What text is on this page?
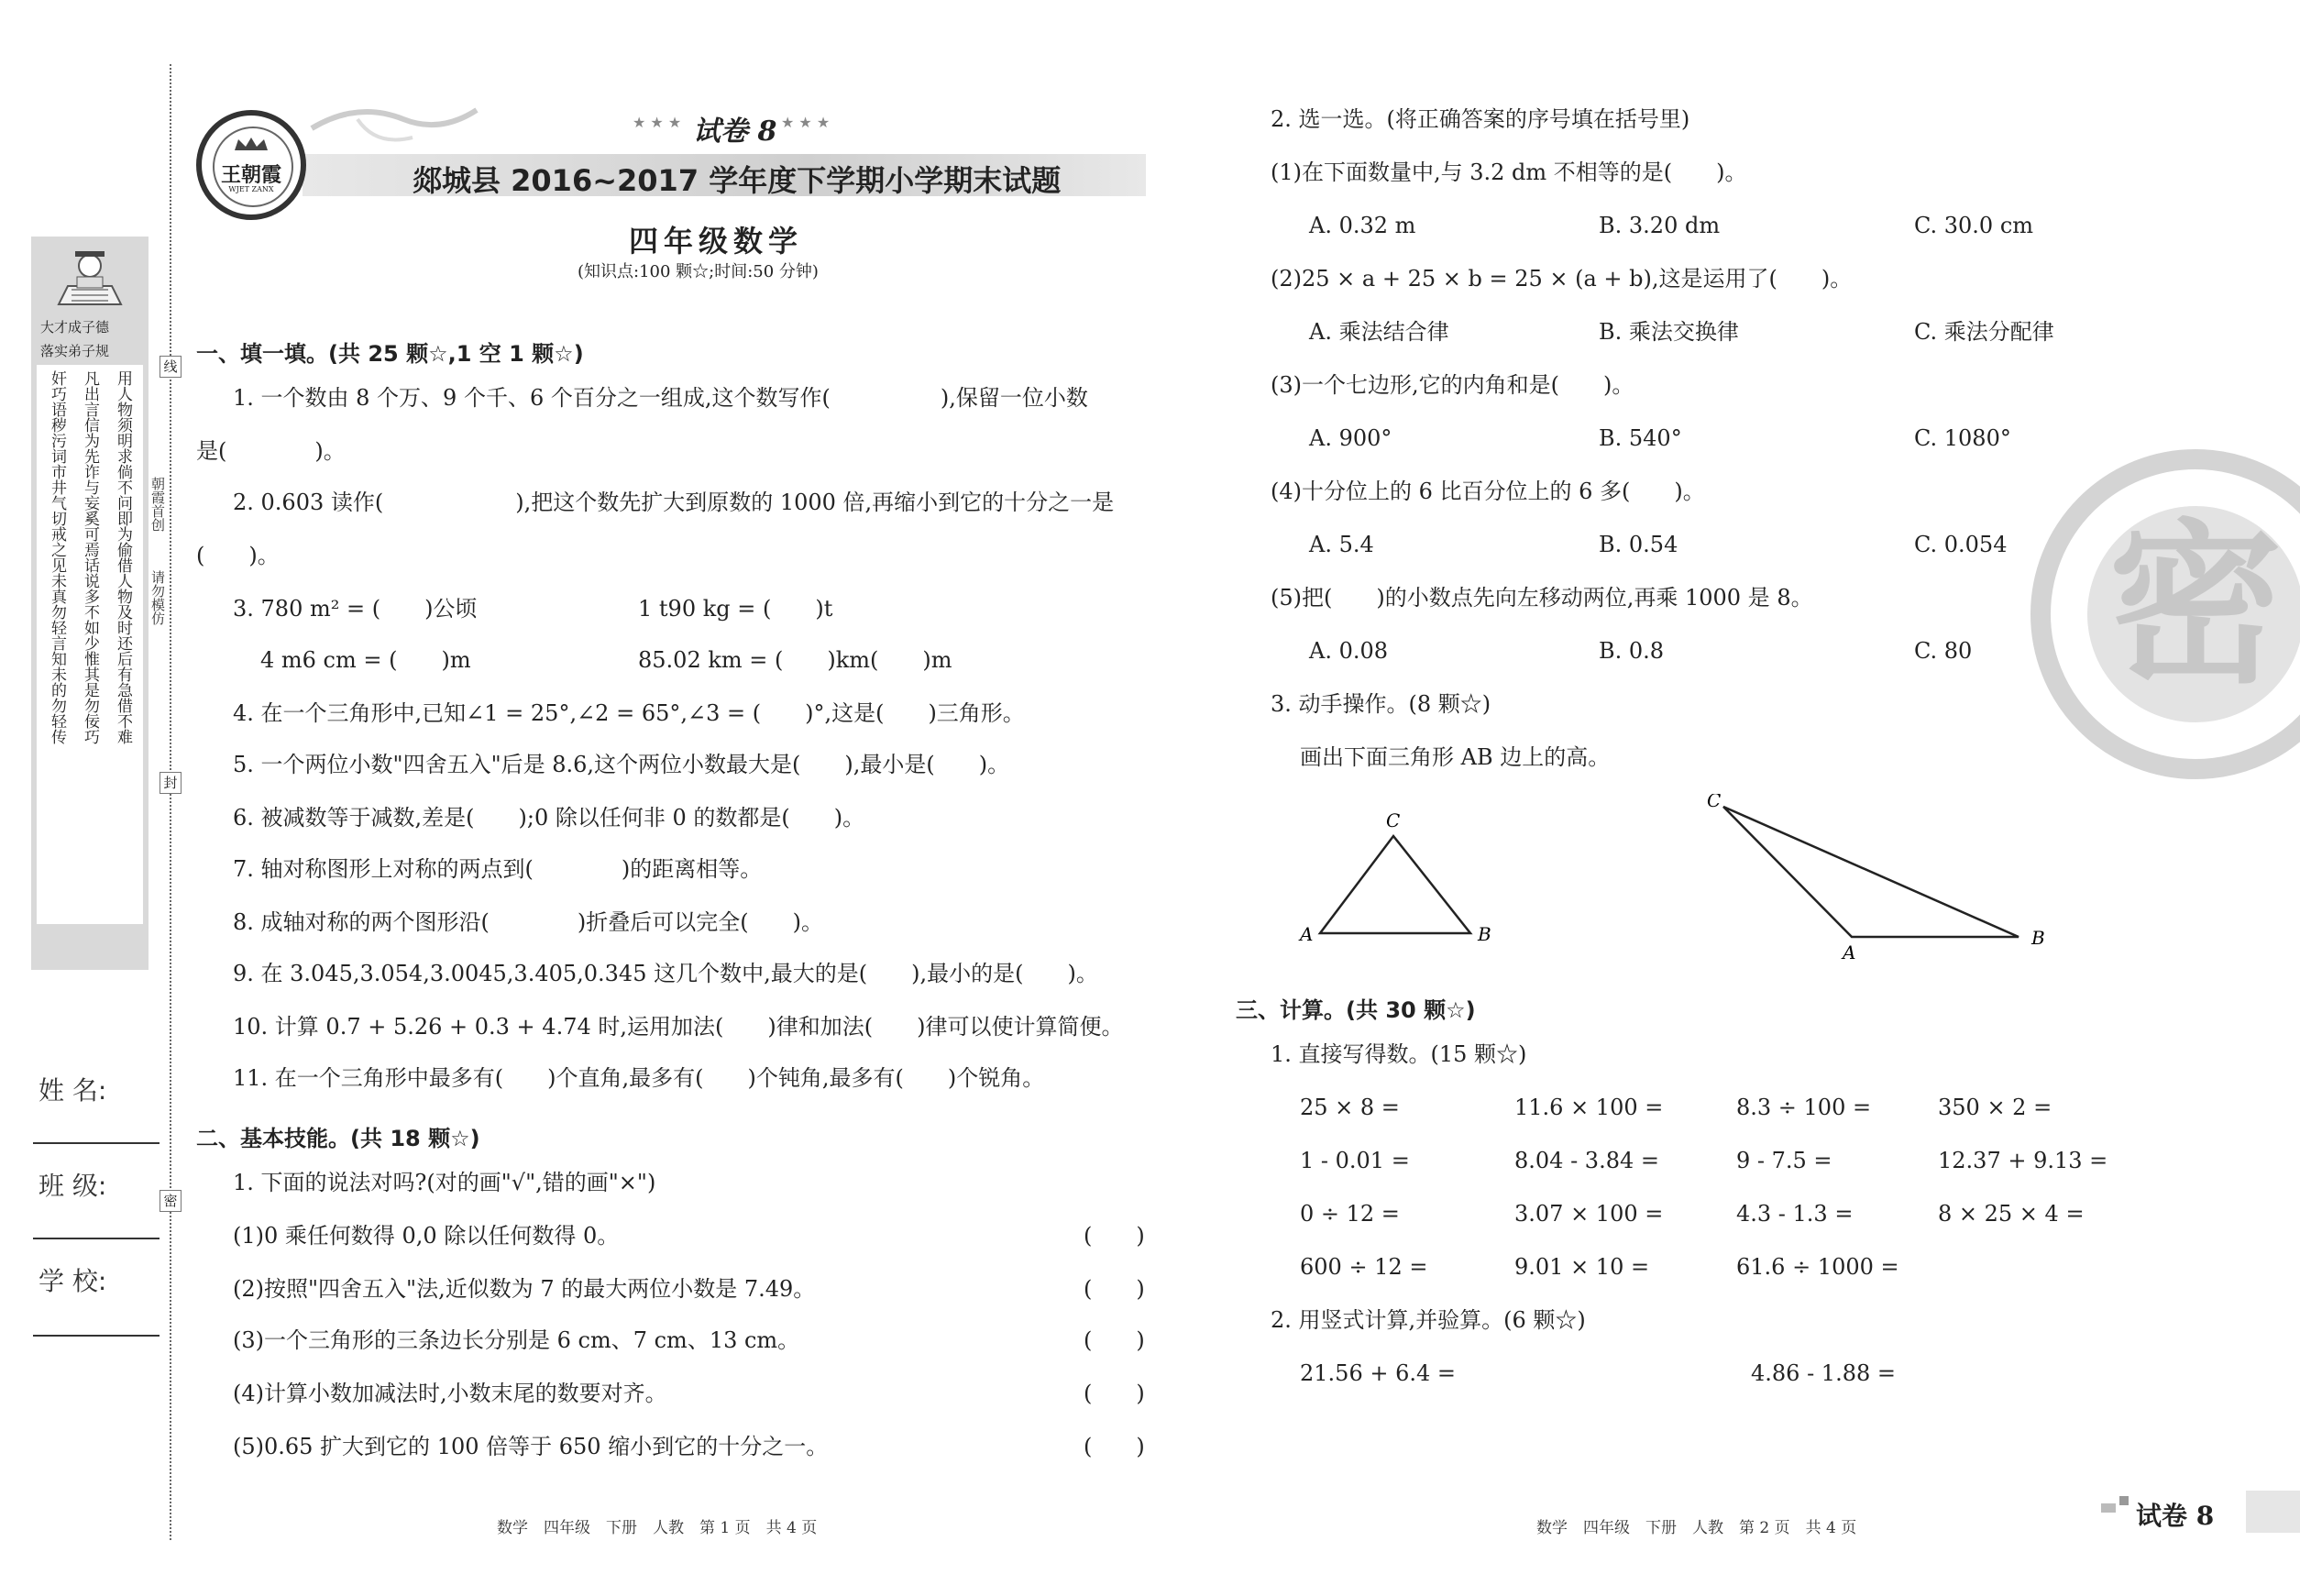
大才成子德
落实弟子规
奸巧语秽污词市井气切戒之见未真勿轻言知未的勿轻传 凡出言信为先诈与妄奚可焉话说多不如少惟其是勿佞巧 用人物须明求倘不问即为偷借人物及时还后有急借不难
线
封
密
朝霞首创
请勿模仿
姓 名:
班 级:
学 校:
王朝霞
WJET ZANX
★ ★ ★ 试卷 8 ★ ★ ★
郯城县 2016~2017 学年度下学期小学期末试题
四年级数学
(知识点:100 颗☆;时间:50 分钟)
一、填一填。(共 25 颗☆,1 空 1 颗☆)
1. 一个数由 8 个万、9 个千、6 个百分之一组成,这个数写作(　　　　　),保留一位小数
是(　　　　)。
2. 0.603 读作(　　　　　　),把这个数先扩大到原数的 1000 倍,再缩小到它的十分之一是
(　　)。
3. 780 m² = (　　)公顷	1 t90 kg = (　　)t
4 m6 cm = (　　)m	85.02 km = (　　)km(　　)m
4. 在一个三角形中,已知∠1 = 25°,∠2 = 65°,∠3 = (　　)°,这是(　　)三角形。
5. 一个两位小数"四舍五入"后是 8.6,这个两位小数最大是(　　),最小是(　　)。
6. 被减数等于减数,差是(　　);0 除以任何非 0 的数都是(　　)。
7. 轴对称图形上对称的两点到(　　　　)的距离相等。
8. 成轴对称的两个图形沿(　　　　)折叠后可以完全(　　)。
9. 在 3.045,3.054,3.0045,3.405,0.345 这几个数中,最大的是(　　),最小的是(　　)。
10. 计算 0.7 + 5.26 + 0.3 + 4.74 时,运用加法(　　)律和加法(　　)律可以使计算简便。
11. 在一个三角形中最多有(　　)个直角,最多有(　　)个钝角,最多有(　　)个锐角。
二、基本技能。(共 18 颗☆)
1. 下面的说法对吗?(对的画"√",错的画"×")
(1)0 乘任何数得 0,0 除以任何数得 0。	(　　)
(2)按照"四舍五入"法,近似数为 7 的最大两位小数是 7.49。	(　　)
(3)一个三角形的三条边长分别是 6 cm、7 cm、13 cm。	(　　)
(4)计算小数加减法时,小数末尾的数要对齐。	(　　)
(5)0.65 扩大到它的 100 倍等于 650 缩小到它的十分之一。	(　　)
数学　四年级　下册　人教　第 1 页　共 4 页
2. 选一选。(将正确答案的序号填在括号里)
(1)在下面数量中,与 3.2 dm 不相等的是(　　)。
A. 0.32 m	B. 3.20 dm	C. 30.0 cm
(2)25 × a + 25 × b = 25 × (a + b),这是运用了(　　)。
A. 乘法结合律	B. 乘法交换律	C. 乘法分配律
(3)一个七边形,它的内角和是(　　)。
A. 900°	B. 540°	C. 1080°
(4)十分位上的 6 比百分位上的 6 多(　　)。
A. 5.4	B. 0.54	C. 0.054
(5)把(　　)的小数点先向左移动两位,再乘 1000 是 8。
A. 0.08	B. 0.8	C. 80
3. 动手操作。(8 颗☆)
画出下面三角形 AB 边上的高。
A	B
C
A
B
C
三、计算。(共 30 颗☆)
1. 直接写得数。(15 颗☆)
25 × 8 =	11.6 × 100 =	8.3 ÷ 100 =	350 × 2 =
1 - 0.01 =	8.04 - 3.84 =	9 - 7.5 =	12.37 + 9.13 =
0 ÷ 12 =	3.07 × 100 =	4.3 - 1.3 =	8 × 25 × 4 =
600 ÷ 12 =	9.01 × 10 =	61.6 ÷ 1000 =
2. 用竖式计算,并验算。(6 颗☆)
21.56 + 6.4 =	4.86 - 1.88 =
数学　四年级　下册　人教　第 2 页　共 4 页
密
试卷 8
